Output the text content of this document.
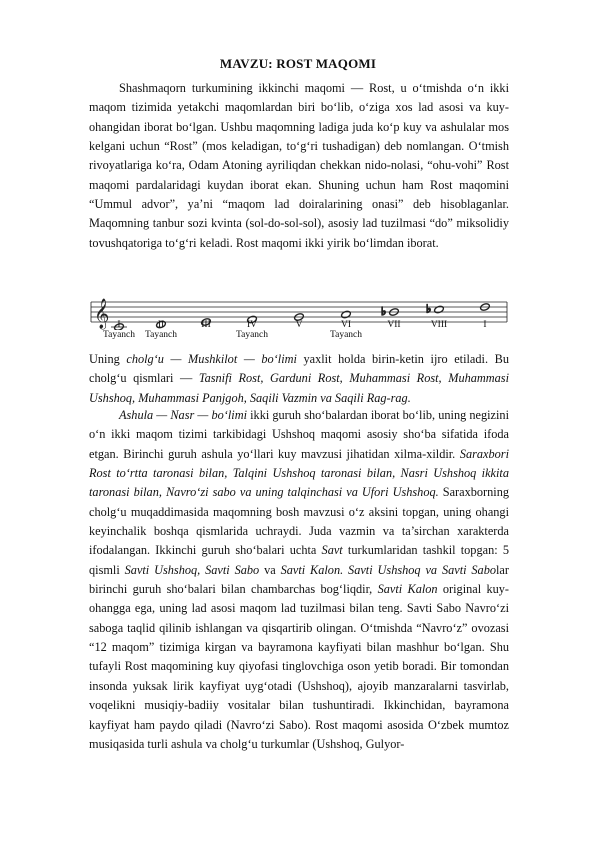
MAVZU: ROST MAQOMI

Shashmaqorn turkumining ikkinchi maqomi — Rost, u o‘tmishda o‘n ikki maqom tizimida yetakchi maqomlardan biri bo‘lib, o‘ziga xos lad asosi va kuy-ohangidan iborat bo‘lgan. Ushbu maqomning ladiga juda ko‘p kuy va ashulalar mos kelgani uchun “Rost” (mos keladigan, to‘g‘ri tushadigan) deb nomlangan. O‘tmish rivoyatlariga ko‘ra, Odam Atoning ayriliqdan chekkan nido-nolasi, “ohu-vohi” Rost maqomi pardalaridagi kuydan iborat ekan. Shuning uchun ham Rost maqomini “Ummul advor”, ya’ni “maqom lad doiralarining onasi” deb hisoblaganlar. Maqomning tanbur sozi kvinta (sol-do-sol-sol), asosiy lad tuzilmasi “do” miksolidiy tovushqatoriga to‘g‘ri keladi. Rost maqomi ikki yirik bo‘limdan iborat.

𝄞	♭	♭
I	II	III	IV	V	VI	VII	VIII	I
Tayanch	Tayanch	Tayanch	Tayanch

Uning cholg‘u — Mushkilot — bo‘limi yaxlit holda birin-ketin ijro etiladi. Bu cholg‘u qismlari — Tasnifi Rost, Garduni Rost, Muhammasi Rost, Muhammasi Ushshoq, Muhammasi Panjgoh, Saqili Vazmin va Saqili Rag-rag.

Ashula — Nasr — bo‘limi ikki guruh sho‘balardan iborat bo‘lib, uning negizini o‘n ikki maqom tizimi tarkibidagi Ushshoq maqomi asosiy sho‘ba sifatida ifoda etgan. Birinchi guruh ashula yo‘llari kuy mavzusi jihatidan xilma-xildir. Saraxbori Rost to‘rtta taronasi bilan, Talqini Ushshoq taronasi bilan, Nasri Ushshoq ikkita taronasi bilan, Navro‘zi sabo va uning talqinchasi va Ufori Ushshoq. Saraxborning cholg‘u muqaddimasida maqomning bosh mavzusi o‘z aksini topgan, uning ohangi keyinchalik boshqa qismlarida uchraydi. Juda vazmin va ta’sirchan xarakterda ifodalangan. Ikkinchi guruh sho‘balari uchta Savt turkumlaridan tashkil topgan: 5 qismli Savti Ushshoq, Savti Sabo va Savti Kalon. Savti Ushshoq va Savti Sabolar birinchi guruh sho‘balari bilan chambarchas bog‘liqdir, Savti Kalon original kuy-ohangga ega, uning lad asosi maqom lad tuzilmasi bilan teng. Savti Sabo Navro‘zi saboga taqlid qilinib ishlangan va qisqartirib olingan. O‘tmishda “Navro‘z” ovozasi “12 maqom” tizimiga kirgan va bayramona kayfiyati bilan mashhur bo‘lgan. Shu tufayli Rost maqomining kuy qiyofasi tinglovchiga oson yetib boradi. Bir tomondan insonda yuksak lirik kayfiyat uyg‘otadi (Ushshoq), ajoyib manzaralarni tasvirlab, voqelikni musiqiy-badiiy vositalar bilan tushuntiradi. Ikkinchidan, bayramona kayfiyat ham paydo qiladi (Navro‘zi Sabo). Rost maqomi asosida O‘zbek mumtoz musiqasida turli ashula va cholg‘u turkumlar (Ushshoq, Gulyor-
